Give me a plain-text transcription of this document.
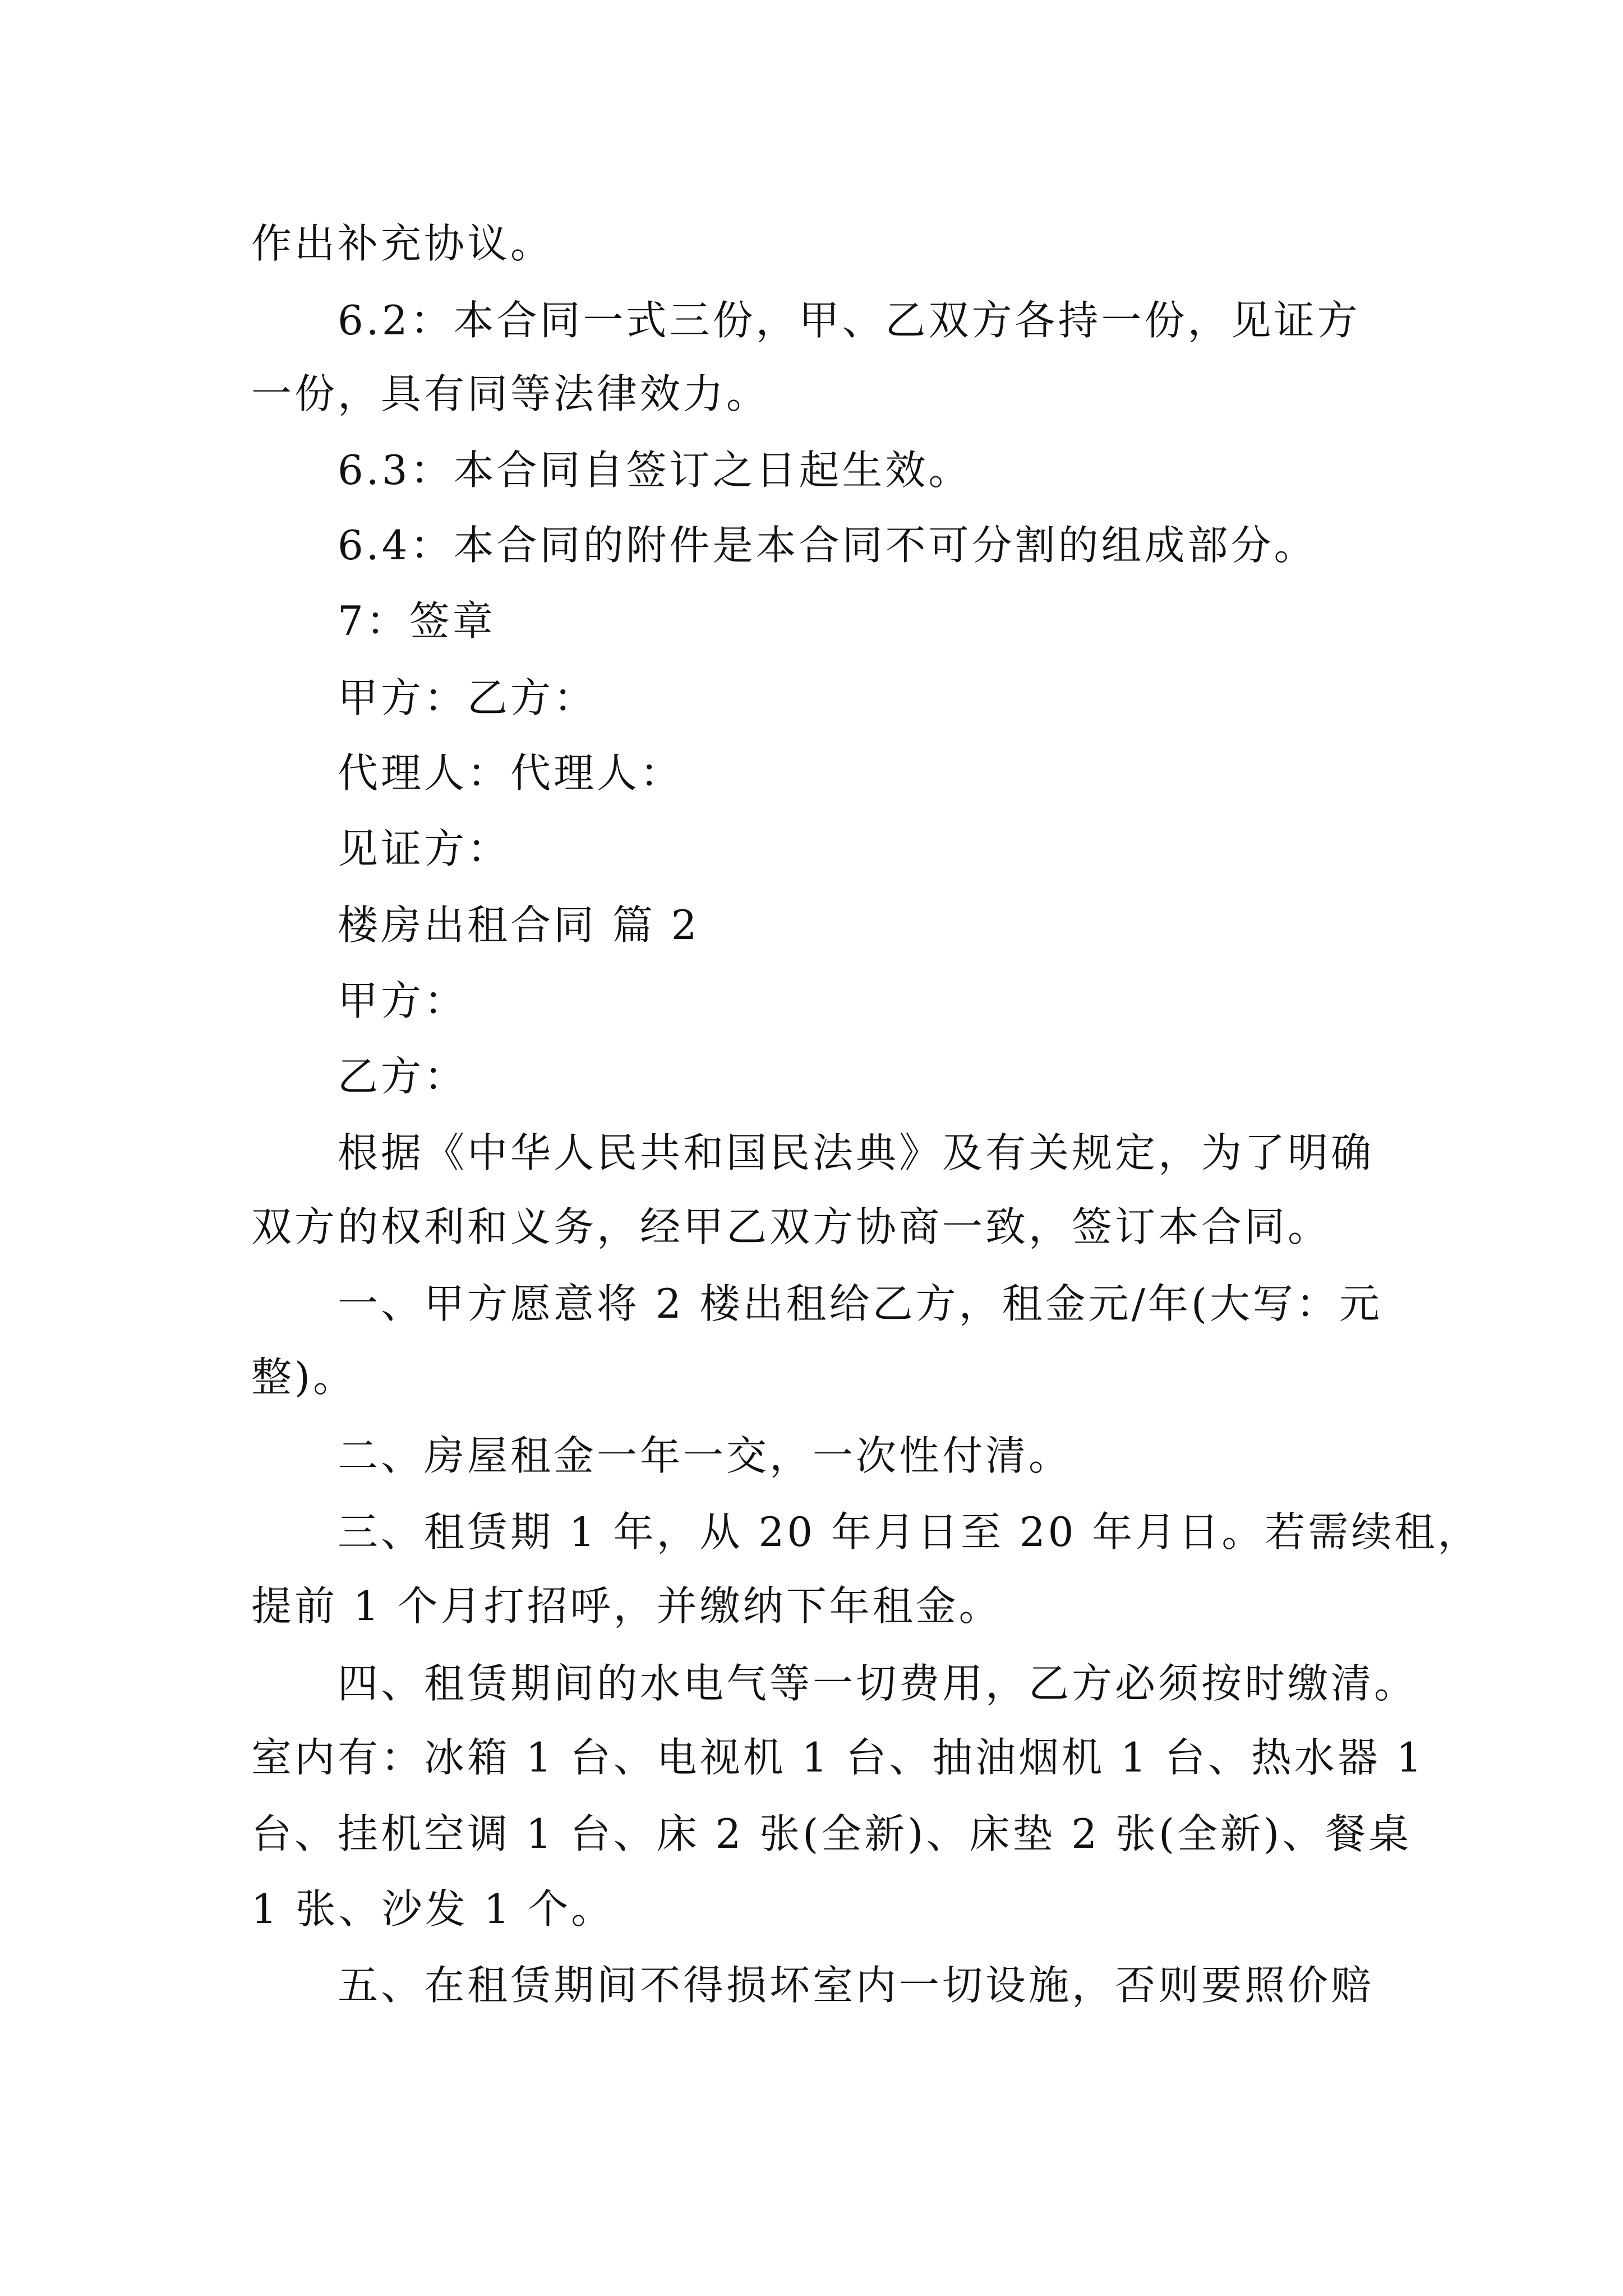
作出补充协议。
6.2：本合同一式三份，甲、乙双方各持一份，见证方
一份，具有同等法律效力。
6.3：本合同自签订之日起生效。
6.4：本合同的附件是本合同不可分割的组成部分。
7：签章
甲方：乙方：
代理人：代理人：
见证方：
楼房出租合同 篇 2
甲方：
乙方：
根据《中华人民共和国民法典》及有关规定，为了明确
双方的权利和义务，经甲乙双方协商一致，签订本合同。
一、甲方愿意将 2 楼出租给乙方，租金元/年(大写：元
整)。
二、房屋租金一年一交，一次性付清。
三、租赁期 1 年，从 20 年月日至 20 年月日。若需续租，
提前 1 个月打招呼，并缴纳下年租金。
四、租赁期间的水电气等一切费用，乙方必须按时缴清。
室内有：冰箱 1 台、电视机 1 台、抽油烟机 1 台、热水器 1
台、挂机空调 1 台、床 2 张(全新)、床垫 2 张(全新)、餐桌
1 张、沙发 1 个。
五、在租赁期间不得损坏室内一切设施，否则要照价赔
